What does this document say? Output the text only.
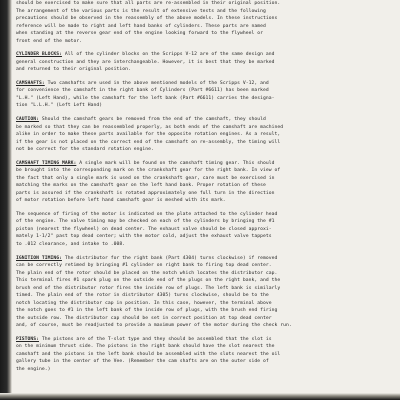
should be exercised to make sure that all parts are re-assembled in their original position.
The arrangement of the various parts is the result of extensive tests and the following
precautions should be observed in the reassembly of the above models. In these instructions
reference will be made to right and left hand banks of cylinders. These parts are named
when standing at the reverse gear end of the engine looking forward to the flywheel or
front end of the motor.
CYLINDER BLOCKS: All of the cylinder blocks on the Scripps V-12 are of the same design and
general construction and they are interchangeable. However, it is best that they be marked
and returned to their original position.
CAMSHAFTS: Two camshafts are used in the above mentioned models of the Scripps V-12, and
for convenience the camshaft in the right bank of Cylinders (Part #6611) has been marked
"L.H." (Left Hand), while the camshaft for the left bank (Part #6611) carries the designa-
tion "L.L.H." (Left Left Hand)
CAUTION: Should the camshaft gears be removed from the end of the camshaft, they should
be marked so that they can be reassembled properly, as both ends of the camshaft are machined
alike in order to make these parts available for the opposite rotation engines. As a result,
if the gear is not placed on the correct end of the camshaft on re-assembly, the timing will
not be correct for the standard rotation engine.
CAMSHAFT TIMING MARK: A single mark will be found on the camshaft timing gear. This should
be brought into the corresponding mark on the crankshaft gear for the right bank. In view of
the fact that only a single mark is used on the crankshaft gear, care must be exercised in
matching the marks on the camshaft gear on the left hand bank. Proper rotation of these
parts is assured if the crankshaft is rotated approximately one full turn in the direction
of motor rotation before left hand camshaft gear is meshed with its mark.
The sequence of firing of the motor is indicated on the plate attached to the cylinder head
of the engine. The valve timing may be checked on each of the cylinders by bringing the #1
piston (nearest the flywheel) on dead center. The exhaust valve should be closed approxi-
mately 1-1/2" past top dead center; with the motor cold, adjust the exhaust valve tappets
to .012 clearance, and intake to .008.
IGNITION TIMING: The distributor for the right bank (Part 4304) turns clockwise) if removed
can be correctly retimed by bringing #1 cylinder on right bank to firing top dead center.
The plain end of the rotor should be placed on the notch which locates the distributor cap.
This terminal fires #1 spark plug on the outside end of the plugs on the right bank, and the
brush end of the distributor rotor fires the inside row of plugs. The left bank is similarly
timed. The plain end of the rotor in distributor 4305) turns clockwise, should be to the
notch locating the distributor cap in position. In this case, however, the terminal above
the notch goes to #1 in the left bank of the inside row of plugs, with the brush end firing
the outside row. The distributor cap should be set in correct position at top dead center
and, of course, must be readjusted to provide a maximum power of the motor during the check run.
PISTONS: The pistons are of the T-slot type and they should be assembled that the slot is
on the minimum thrust side. The pistons in the right bank should have the slot nearest the
camshaft and the pistons in the left bank should be assembled with the slots nearest the oil
gallery tube in the center of the Vee. (Remember the cam shafts are on the outer side of
the engine.)
